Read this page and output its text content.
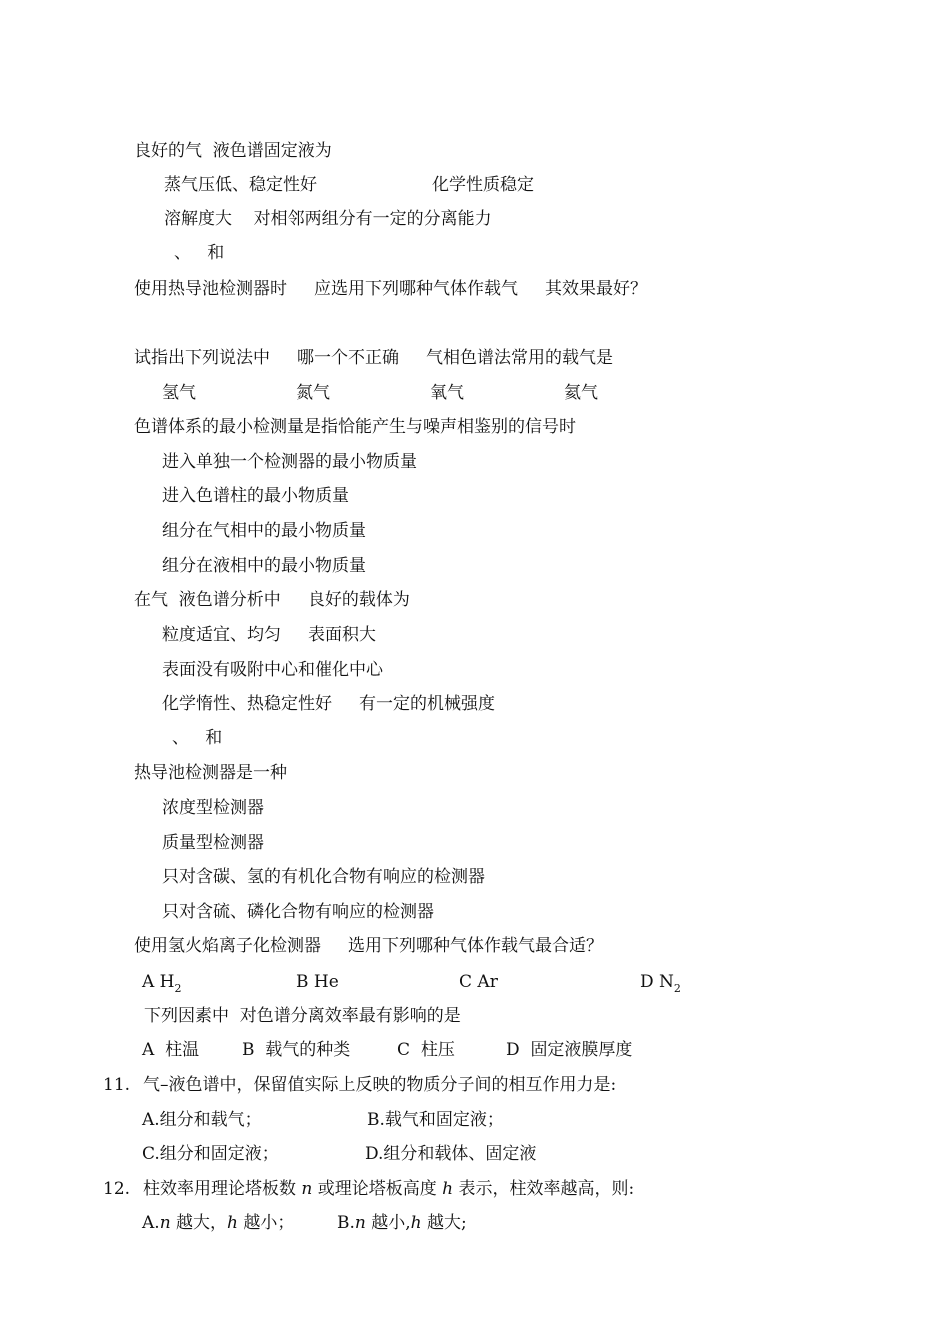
良好的气  液色谱固定液为
蒸气压低、稳定性好	化学性质稳定
溶解度大    对相邻两组分有一定的分离能力
、   和
使用热导池检测器时     应选用下列哪种气体作载气     其效果最好？
试指出下列说法中     哪一个不正确     气相色谱法常用的载气是
氢气	氮气	氧气	氦气
色谱体系的最小检测量是指恰能产生与噪声相鉴别的信号时
进入单独一个检测器的最小物质量
进入色谱柱的最小物质量
组分在气相中的最小物质量
组分在液相中的最小物质量
在气  液色谱分析中     良好的载体为
粒度适宜、均匀     表面积大
表面没有吸附中心和催化中心
化学惰性、热稳定性好     有一定的机械强度
、   和
热导池检测器是一种
浓度型检测器
质量型检测器
只对含碳、氢的有机化合物有响应的检测器
只对含硫、磷化合物有响应的检测器
使用氢火焰离子化检测器     选用下列哪种气体作载气最合适？
A $H_2$	B He	C Ar	D $N_2$
下列因素中  对色谱分离效率最有影响的是
A  柱温	B  载气的种类	C  柱压	D  固定液膜厚度
11. 气–液色谱中，保留值实际上反映的物质分子间的相互作用力是:
A.组分和载气；	B.载气和固定液；
C.组分和固定液；	D.组分和载体、固定液
12. 柱效率用理论塔板数 n 或理论塔板高度 h 表示，柱效率越高，则:
A.n 越大，h 越小；	B.n 越小,h 越大;
